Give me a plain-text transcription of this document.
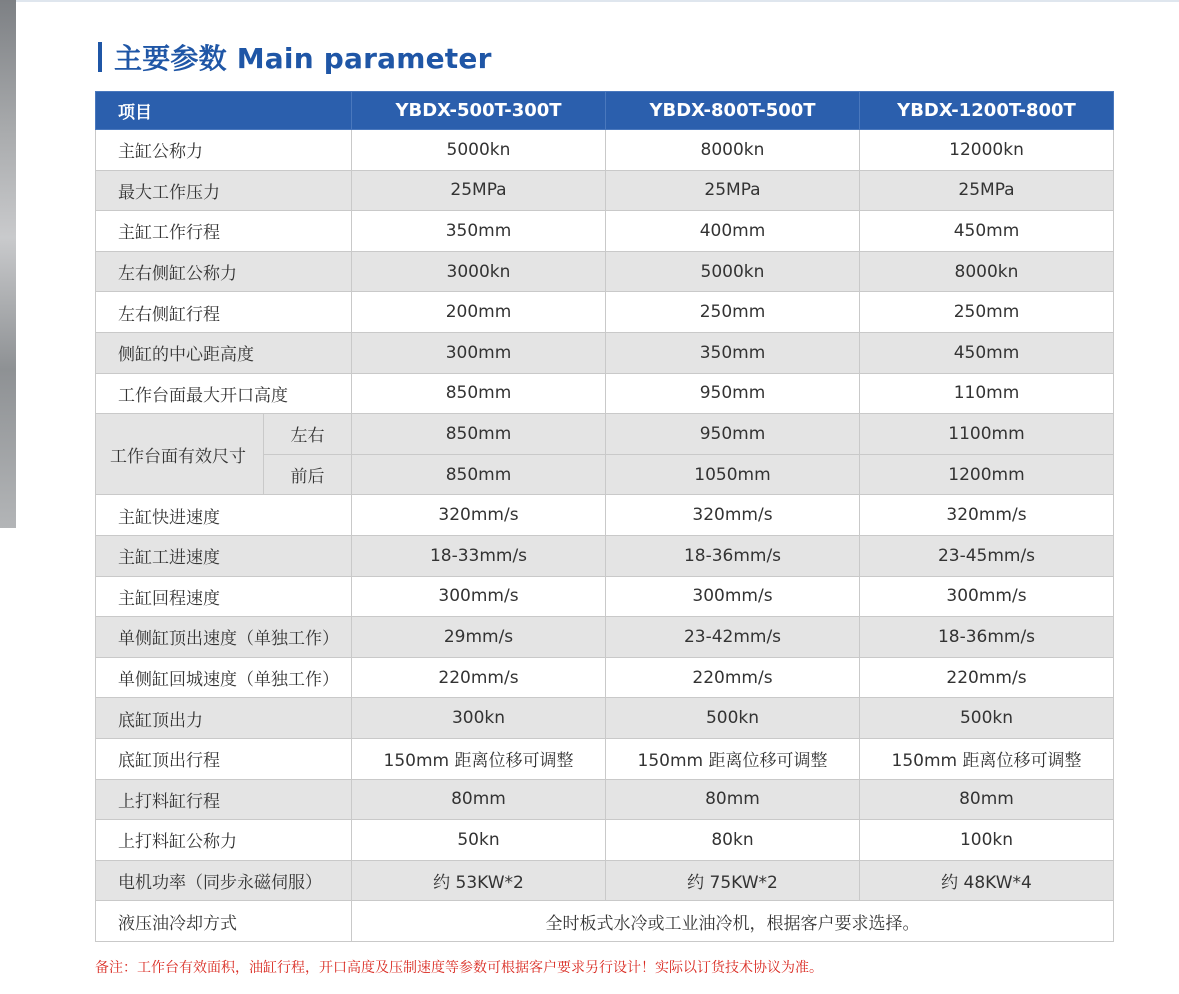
主要参数 Main parameter
项目		YBDX-500T-300T	YBDX-800T-500T	YBDX-1200T-800T
主缸公称力		5000kn	8000kn	12000kn
最大工作压力		25MPa	25MPa	25MPa
主缸工作行程		350mm	400mm	450mm
左右侧缸公称力		3000kn	5000kn	8000kn
左右侧缸行程		200mm	250mm	250mm
侧缸的中心距高度		300mm	350mm	450mm
工作台面最大开口高度		850mm	950mm	110mm
工作台面有效尺寸	左右	850mm	950mm	1100mm
	前后	850mm	1050mm	1200mm
主缸快进速度		320mm/s	320mm/s	320mm/s
主缸工进速度		18-33mm/s	18-36mm/s	23-45mm/s
主缸回程速度		300mm/s	300mm/s	300mm/s
单侧缸顶出速度（单独工作）		29mm/s	23-42mm/s	18-36mm/s
单侧缸回城速度（单独工作）		220mm/s	220mm/s	220mm/s
底缸顶出力		300kn	500kn	500kn
底缸顶出行程		150mm 距离位移可调整	150mm 距离位移可调整	150mm 距离位移可调整
上打料缸行程		80mm	80mm	80mm
上打料缸公称力		50kn	80kn	100kn
电机功率（同步永磁伺服）		约 53KW*2	约 75KW*2	约 48KW*4
液压油冷却方式		全时板式水冷或工业油冷机，根据客户要求选择。		
备注：工作台有效面积，油缸行程，开口高度及压制速度等参数可根据客户要求另行设计！实际以订货技术协议为准。
